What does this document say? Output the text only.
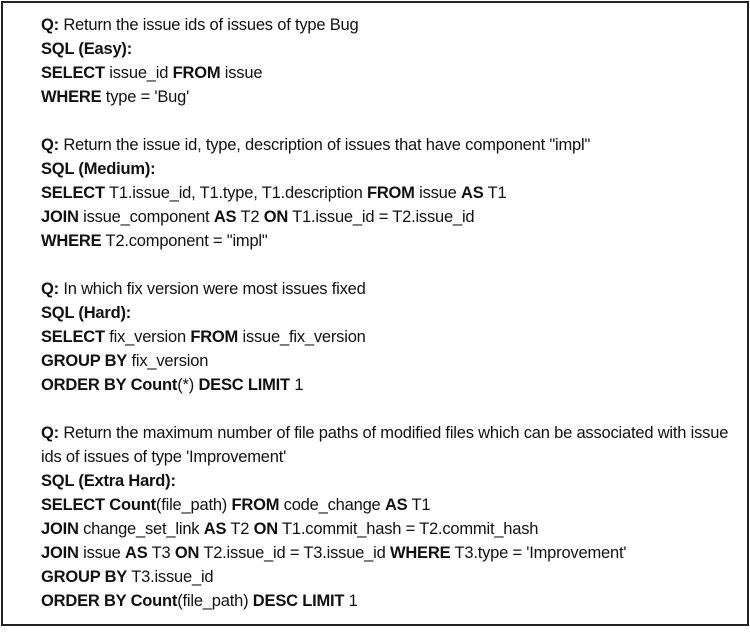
Q: Return the issue ids of issues of type Bug
SQL (Easy):
SELECT issue_id FROM issue
WHERE type = 'Bug'
Q: Return the issue id, type, description of issues that have component "impl"
SQL (Medium):
SELECT T1.issue_id, T1.type, T1.description FROM issue AS T1
JOIN issue_component AS T2 ON T1.issue_id = T2.issue_id
WHERE T2.component = "impl"
Q: In which fix version were most issues fixed
SQL (Hard):
SELECT fix_version FROM issue_fix_version
GROUP BY fix_version
ORDER BY Count(*) DESC LIMIT 1
Q: Return the maximum number of file paths of modified files which can be associated with issue ids of issues of type 'Improvement'
SQL (Extra Hard):
SELECT Count(file_path) FROM code_change AS T1
JOIN change_set_link AS T2 ON T1.commit_hash = T2.commit_hash
JOIN issue AS T3 ON T2.issue_id = T3.issue_id WHERE T3.type = 'Improvement'
GROUP BY T3.issue_id
ORDER BY Count(file_path) DESC LIMIT 1
